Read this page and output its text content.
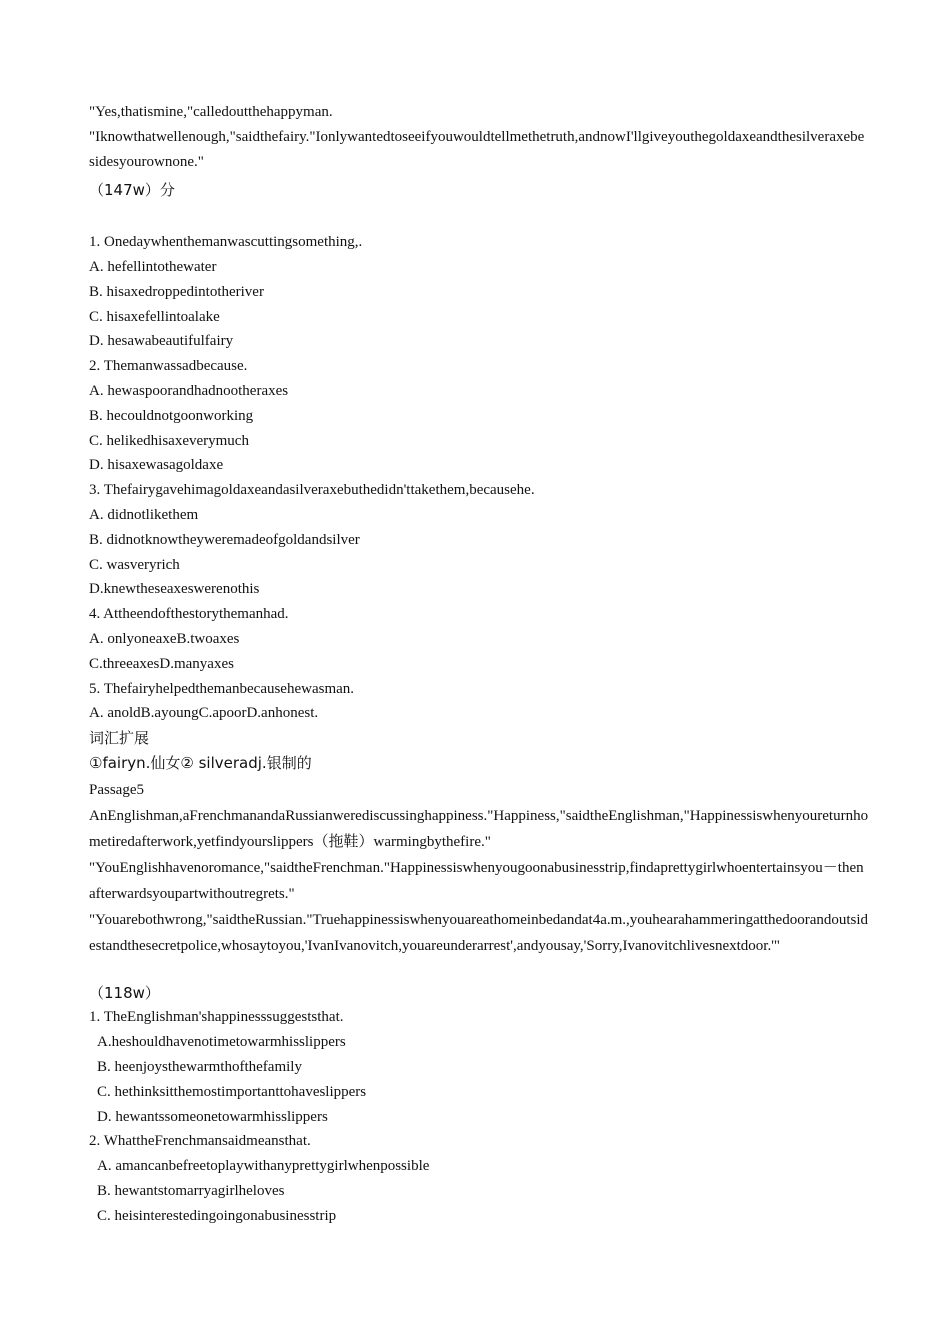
"Yes,thatismine,"calledoutthehappyman.
"Iknowthatwellenough,"saidthefairy."Ionlywantedtoseeifyouwouldtellmethetruth,andnowI'llgiveyouthegoldaxeandthesilveraxebesidesyourownone."
（147w）分
1. Onedaywhenthemanwascuttingsomething,.
A. hefellintothewater
B. hisaxedroppedintotheriver
C. hisaxefellintoalake
D. hesawabeautifulfairy
2. Themanwassadbecause.
A. hewaspoorandhadnootheraxes
B. hecouldnotgoonworking
C. helikedhisaxeverymuch
D. hisaxewasagoldaxe
3. Thefairygavehimagoldaxeandasilveraxebuthedidn'ttakethem,becausehe.
A. didnotlikethem
B. didnotknowtheyweremadeofgoldandsilver
C. wasveryrich
D.knewtheseaxeswerenothis
4. Attheendofthestorythemanhad.
A. onlyoneaxeB.twoaxes
C.threeaxesD.manyaxes
5. Thefairyhelpedthemanbecausehewasman.
A. anoldB.ayoungC.apoorD.anhonest.
词汇扩展
①fairyn.仙女② silveradj.银制的
Passage5
AnEnglishman,aFrenchmanandaRussianwerediscussinghappiness."Happiness,"saidtheEnglishman,"Happinessiswhenyoureturnhometiredafterwork,yetfindyourslippers（拖鞋）warmingbythefire."
"YouEnglishhavenoromance,"saidtheFrenchman."Happinessiswhenyougoonabusinesstrip,findaprettygirlwhoentertainsyou－thenafterwardsyoupartwithoutregrets."
"Youarebothwrong,"saidtheRussian."Truehappinessiswhenyouareathomeinbedandat4a.m.,youhearahammeringatthedoorandoutsidestandthesecretpolice,whosaytoyou,'IvanIvanovitch,youareunderarrest',andyousay,'Sorry,Ivanovitchlivesnextdoor.'"
（118w）
1. TheEnglishman'shappinesssuggeststhat.
A.heshouldhavenotimetowarmhisslippers
B. heenjoysthewarmthofthefamily
C. hethinksitthemostimportanttohaveslippers
D. hewantssomeonetowarmhisslippers
2. WhattheFrenchmansaidmeansthat.
A. amancanbefreetoplaywithanyprettygirlwhenpossible
B. hewantstomarryagirlheloves
C. heisinterestedingoingonabusinesstrip
